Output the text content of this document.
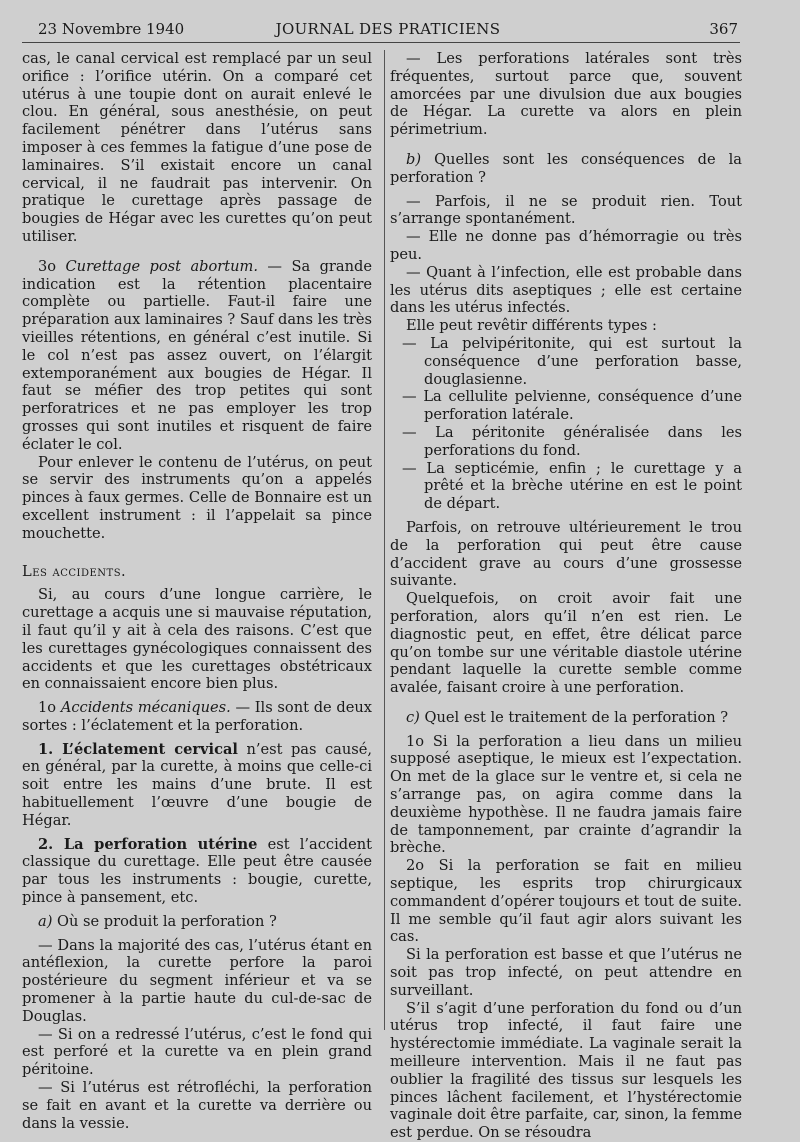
23 Novembre 1940	JOURNAL DES PRATICIENS	367

cas, le canal cervical est remplacé par un seul orifice : l’orifice utérin. On a comparé cet utérus à une toupie dont on aurait enlevé le clou. En général, sous anesthésie, on peut facilement pénétrer dans l’utérus sans imposer à ces femmes la fatigue d’une pose de laminaires. S’il existait encore un canal cervical, il ne faudrait pas intervenir. On pratique le curettage après passage de bougies de Hégar avec les curettes qu’on peut utiliser.

3o Curettage post abortum. — Sa grande indication est la rétention placentaire complète ou partielle. Faut-il faire une préparation aux laminaires ? Sauf dans les très vieilles rétentions, en général c’est inutile. Si le col n’est pas assez ouvert, on l’élargit extemporanément aux bougies de Hégar. Il faut se méfier des trop petites qui sont perforatrices et ne pas employer les trop grosses qui sont inutiles et risquent de faire éclater le col.

Pour enlever le contenu de l’utérus, on peut se servir des instruments qu’on a appelés pinces à faux germes. Celle de Bonnaire est un excellent instrument : il l’appelait sa pince mouchette.

Les accidents.

Si, au cours d’une longue carrière, le curettage a acquis une si mauvaise réputation, il faut qu’il y ait à cela des raisons. C’est que les curettages gynécologiques connaissent des accidents et que les curettages obstétricaux en connaissaient encore bien plus.

1o Accidents mécaniques. — Ils sont de deux sortes : l’éclatement et la perforation.

1. L’éclatement cervical n’est pas causé, en général, par la curette, à moins que celle-ci soit entre les mains d’une brute. Il est habituellement l’œuvre d’une bougie de Hégar.

2. La perforation utérine est l’accident classique du curettage. Elle peut être causée par tous les instruments : bougie, curette, pince à pansement, etc.

a) Où se produit la perforation ?

— Dans la majorité des cas, l’utérus étant en antéflexion, la curette perfore la paroi postérieure du segment inférieur et va se promener à la partie haute du cul-de-sac de Douglas.

— Si on a redressé l’utérus, c’est le fond qui est perforé et la curette va en plein grand péritoine.

— Si l’utérus est rétrofléchi, la perforation se fait en avant et la curette va derrière ou dans la vessie.

— Les perforations latérales sont très fréquentes, surtout parce que, souvent amorcées par une divulsion due aux bougies de Hégar. La curette va alors en plein périmetrium.

b) Quelles sont les conséquences de la perforation ?

— Parfois, il ne se produit rien. Tout s’arrange spontanément.

— Elle ne donne pas d’hémorragie ou très peu.

— Quant à l’infection, elle est probable dans les utérus dits aseptiques ; elle est certaine dans les utérus infectés.

Elle peut revêtir différents types :

— La pelvipéritonite, qui est surtout la conséquence d’une perforation basse, douglasienne.

— La cellulite pelvienne, conséquence d’une perforation latérale.

— La péritonite généralisée dans les perforations du fond.

— La septicémie, enfin ; le curettage y a prêté et la brèche utérine en est le point de départ.

Parfois, on retrouve ultérieurement le trou de la perforation qui peut être cause d’accident grave au cours d’une grossesse suivante.

Quelquefois, on croit avoir fait une perforation, alors qu’il n’en est rien. Le diagnostic peut, en effet, être délicat parce qu’on tombe sur une véritable diastole utérine pendant laquelle la curette semble comme avalée, faisant croire à une perforation.

c) Quel est le traitement de la perforation ?

1o Si la perforation a lieu dans un milieu supposé aseptique, le mieux est l’expectation. On met de la glace sur le ventre et, si cela ne s’arrange pas, on agira comme dans la deuxième hypothèse. Il ne faudra jamais faire de tamponnement, par crainte d’agrandir la brèche.

2o Si la perforation se fait en milieu septique, les esprits trop chirurgicaux commandent d’opérer toujours et tout de suite. Il me semble qu’il faut agir alors suivant les cas.

Si la perforation est basse et que l’utérus ne soit pas trop infecté, on peut attendre en surveillant.

S’il s’agit d’une perforation du fond ou d’un utérus trop infecté, il faut faire une hystérectomie immédiate. La vaginale serait la meilleure intervention. Mais il ne faut pas oublier la fragilité des tissus sur lesquels les pinces lâchent facilement, et l’hystérectomie vaginale doit être parfaite, car, sinon, la femme est perdue. On se résoudra
